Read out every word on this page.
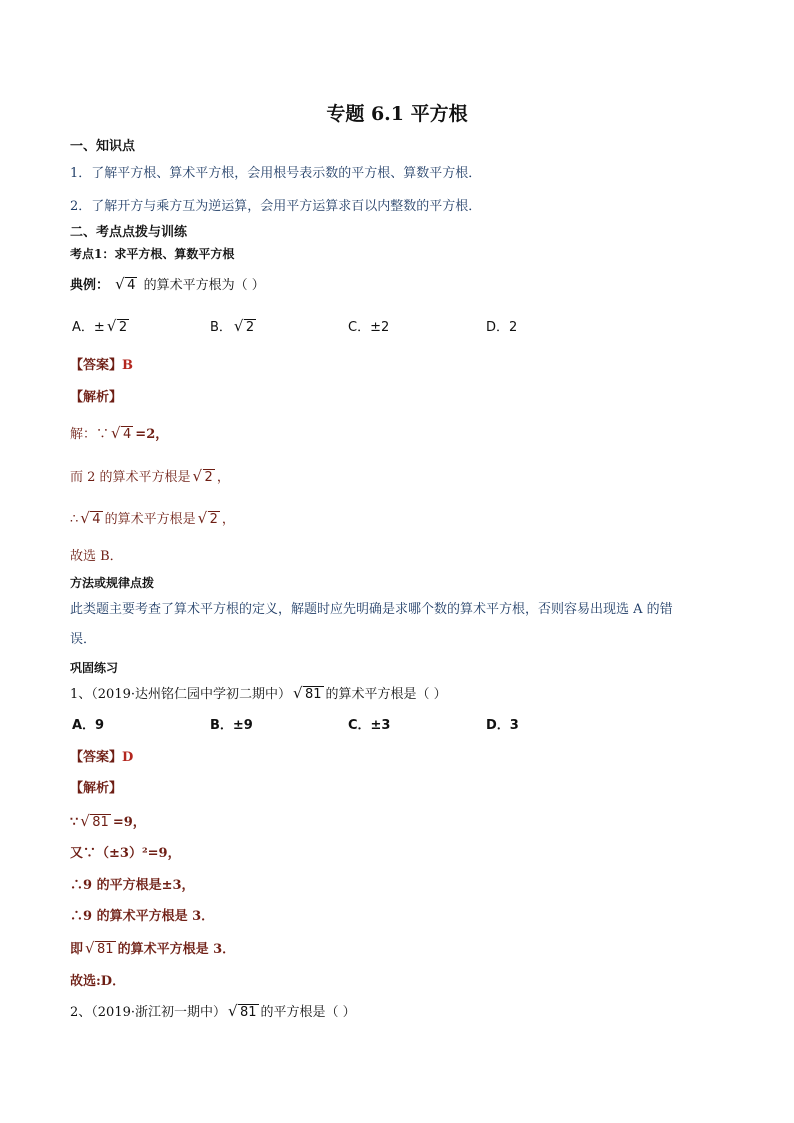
专题 6.1 平方根
一、知识点
1．了解平方根、算术平方根，会用根号表示数的平方根、算数平方根．
2．了解开方与乘方互为逆运算，会用平方运算求百以内整数的平方根．
二、考点点拨与训练
考点1：求平方根、算数平方根
典例： √ 4 的算术平方根为（ ）
A．± √ 2	B． √ 2	C．±2	D．2
【答案】B
【解析】
解：∵ √ 4 =2，
而 2 的算术平方根是 √ 2 ，
∴ √ 4 的算术平方根是 √ 2 ，
故选 B．
方法或规律点拨
此类题主要考查了算术平方根的定义，解题时应先明确是求哪个数的算术平方根，否则容易出现选 A 的错
误．
巩固练习
1、（2019·达州铭仁园中学初二期中） √ 81 的算术平方根是（ ）
A．9	B．±9	C．±3	D．3
【答案】D
【解析】
∵ √ 81 =9，
又∵（±3）²=9，
∴9 的平方根是±3，
∴9 的算术平方根是 3．
即 √ 81 的算术平方根是 3．
故选:D．
2、（2019·浙江初一期中） √ 81 的平方根是（ ）
